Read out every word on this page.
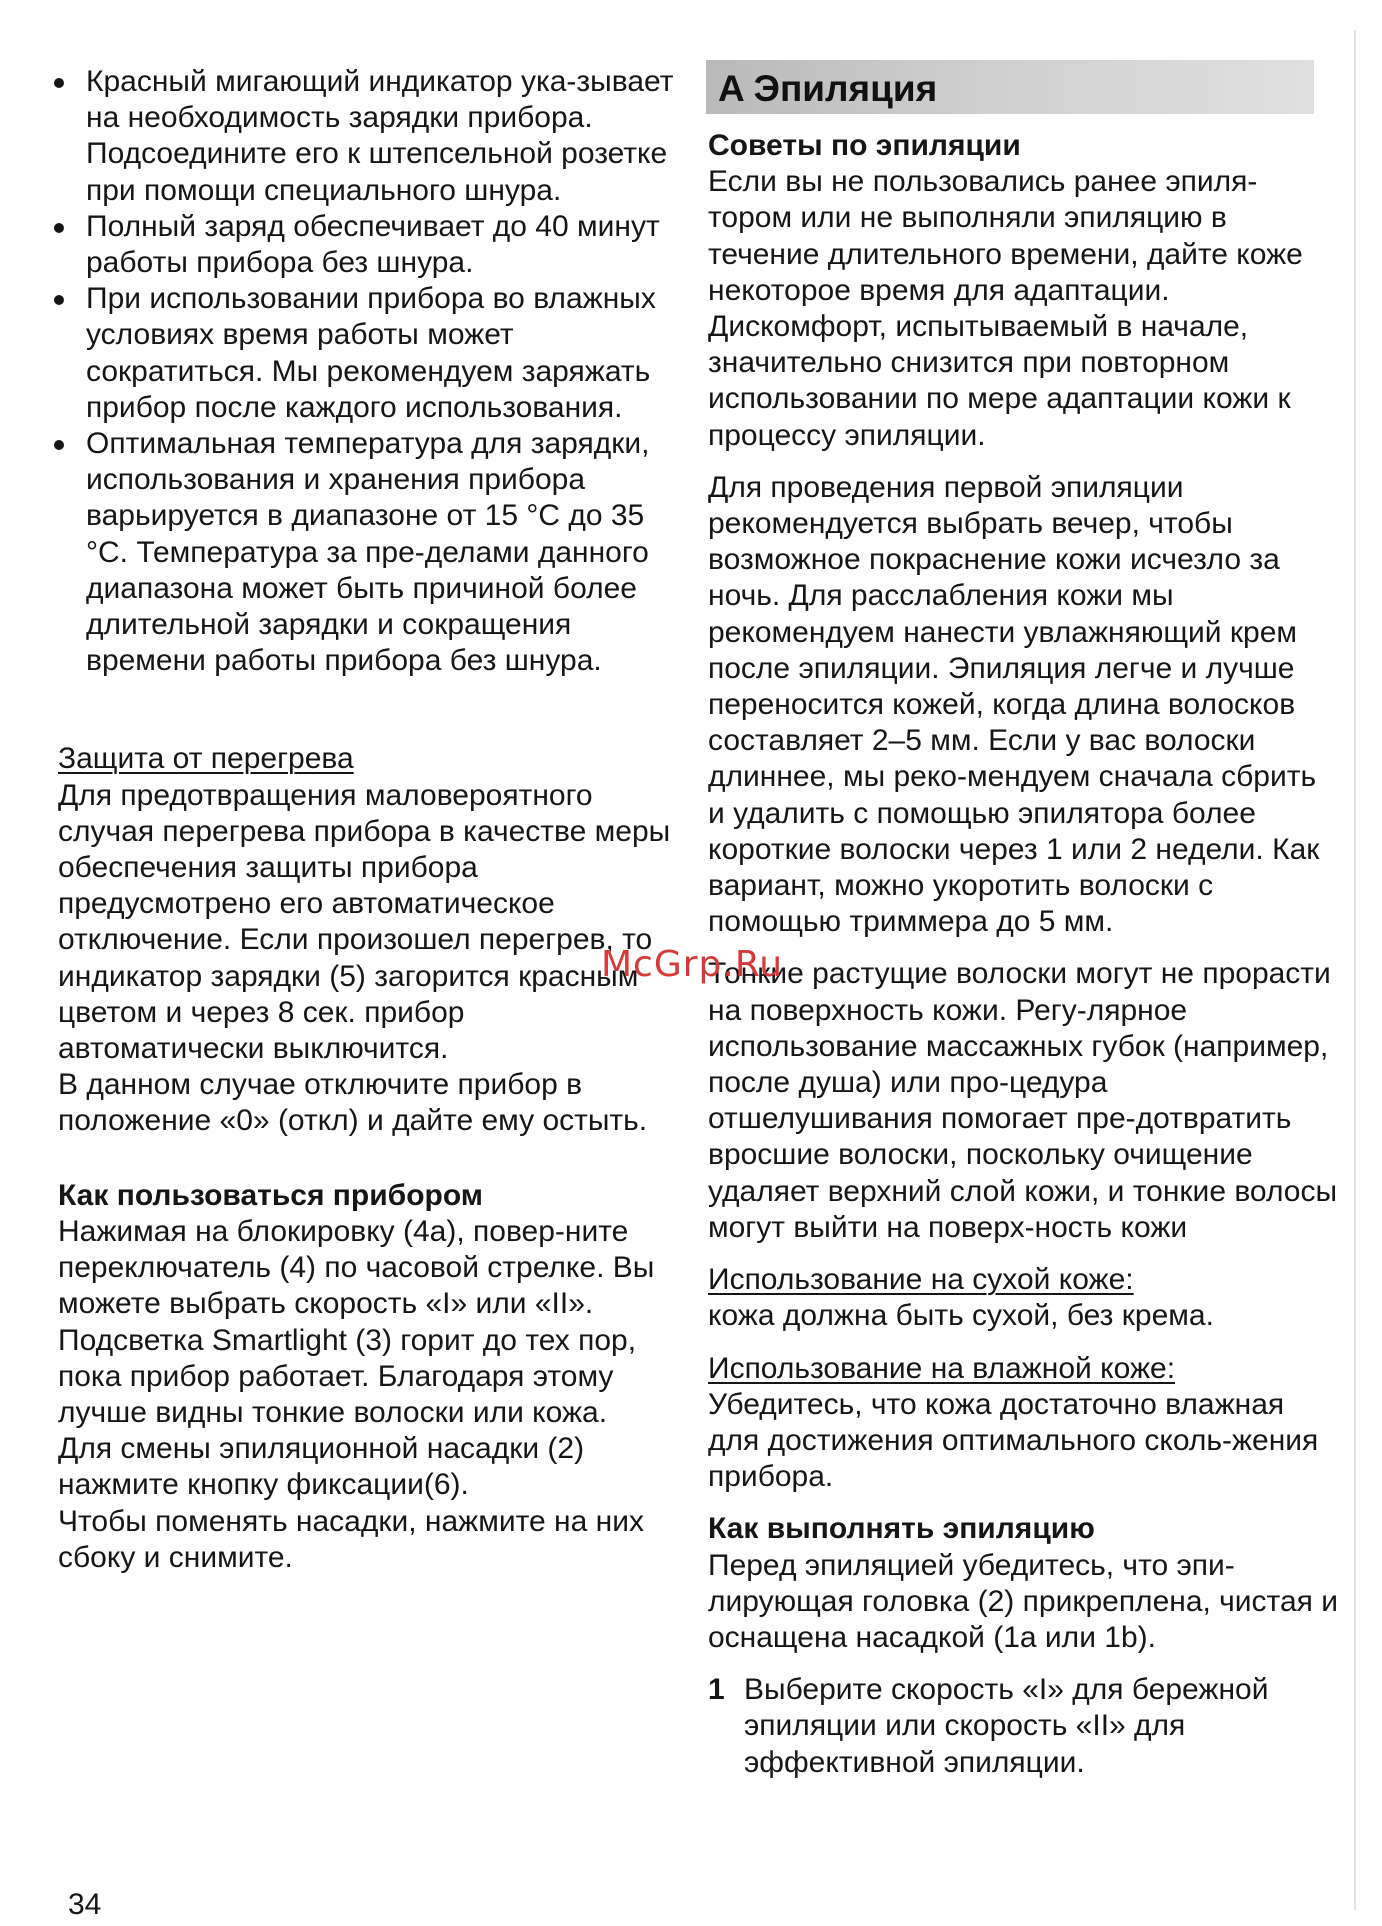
Красный мигающий индикатор ука-зывает на необходимость зарядки прибора. Подсоедините его к штепсельной розетке при помощи специального шнура.
Полный заряд обеспечивает до 40 минут работы прибора без шнура.
При использовании прибора во влажных условиях время работы может сократиться. Мы рекомендуем заряжать прибор после каждого использования.
Оптимальная температура для зарядки, использования и хранения прибора варьируется в диапазоне от 15 °С до 35 °С. Температура за пре-делами данного диапазона может быть причиной более длительной зарядки и сокращения времени работы прибора без шнура.

Защита от перегрева

Для предотвращения маловероятного случая перегрева прибора в качестве меры обеспечения защиты прибора предусмотрено его автоматическое отключение. Если произошел перегрев, то индикатор зарядки (5) загорится красным цветом и через 8 сек. прибор автоматически выключится.

В данном случае отключите прибор в положение «0» (откл) и дайте ему остыть.

Как пользоваться прибором

Нажимая на блокировку (4а), повер-ните переключатель (4) по часовой стрелке. Вы можете выбрать скорость «I» или «II».

Подсветка Smartlight (3) горит до тех пор, пока прибор работает. Благодаря этому лучше видны тонкие волоски или кожа.

Для смены эпиляционной насадки (2) нажмите кнопку фиксации(6).

Чтобы поменять насадки, нажмите на них сбоку и снимите.

A Эпиляция

Советы по эпиляции

Если вы не пользовались ранее эпиля-тором или не выполняли эпиляцию в течение длительного времени, дайте коже некоторое время для адаптации. Дискомфорт, испытываемый в начале, значительно снизится при повторном использовании по мере адаптации кожи к процессу эпиляции.

Для проведения первой эпиляции рекомендуется выбрать вечер, чтобы возможное покраснение кожи исчезло за ночь. Для расслабления кожи мы рекомендуем нанести увлажняющий крем после эпиляции. Эпиляция легче и лучше переносится кожей, когда длина волосков составляет 2–5 мм. Если у вас волоски длиннее, мы реко-мендуем сначала сбрить и удалить с помощью эпилятора более короткие волоски через 1 или 2 недели. Как вариант, можно укоротить волоски с помощью триммера до 5 мм.

Тонкие растущие волоски могут не прорасти на поверхность кожи. Регу-лярное использование массажных губок (например, после душа) или про-цедура отшелушивания помогает пре-дотвратить вросшие волоски, поскольку очищение удаляет верхний слой кожи, и тонкие волосы могут выйти на поверх-ность кожи

Использование на сухой коже:

кожа должна быть сухой, без крема.

Использование на влажной коже:

Убедитесь, что кожа достаточно влажная для достижения оптимального сколь-жения прибора.

Как выполнять эпиляцию

Перед эпиляцией убедитесь, что эпи-лирующая головка (2) прикреплена, чистая и оснащена насадкой (1а или 1b).

1 Выберите скорость «I» для бережной эпиляции или скорость «II» для эффективной эпиляции.
McGrp.Ru
34
